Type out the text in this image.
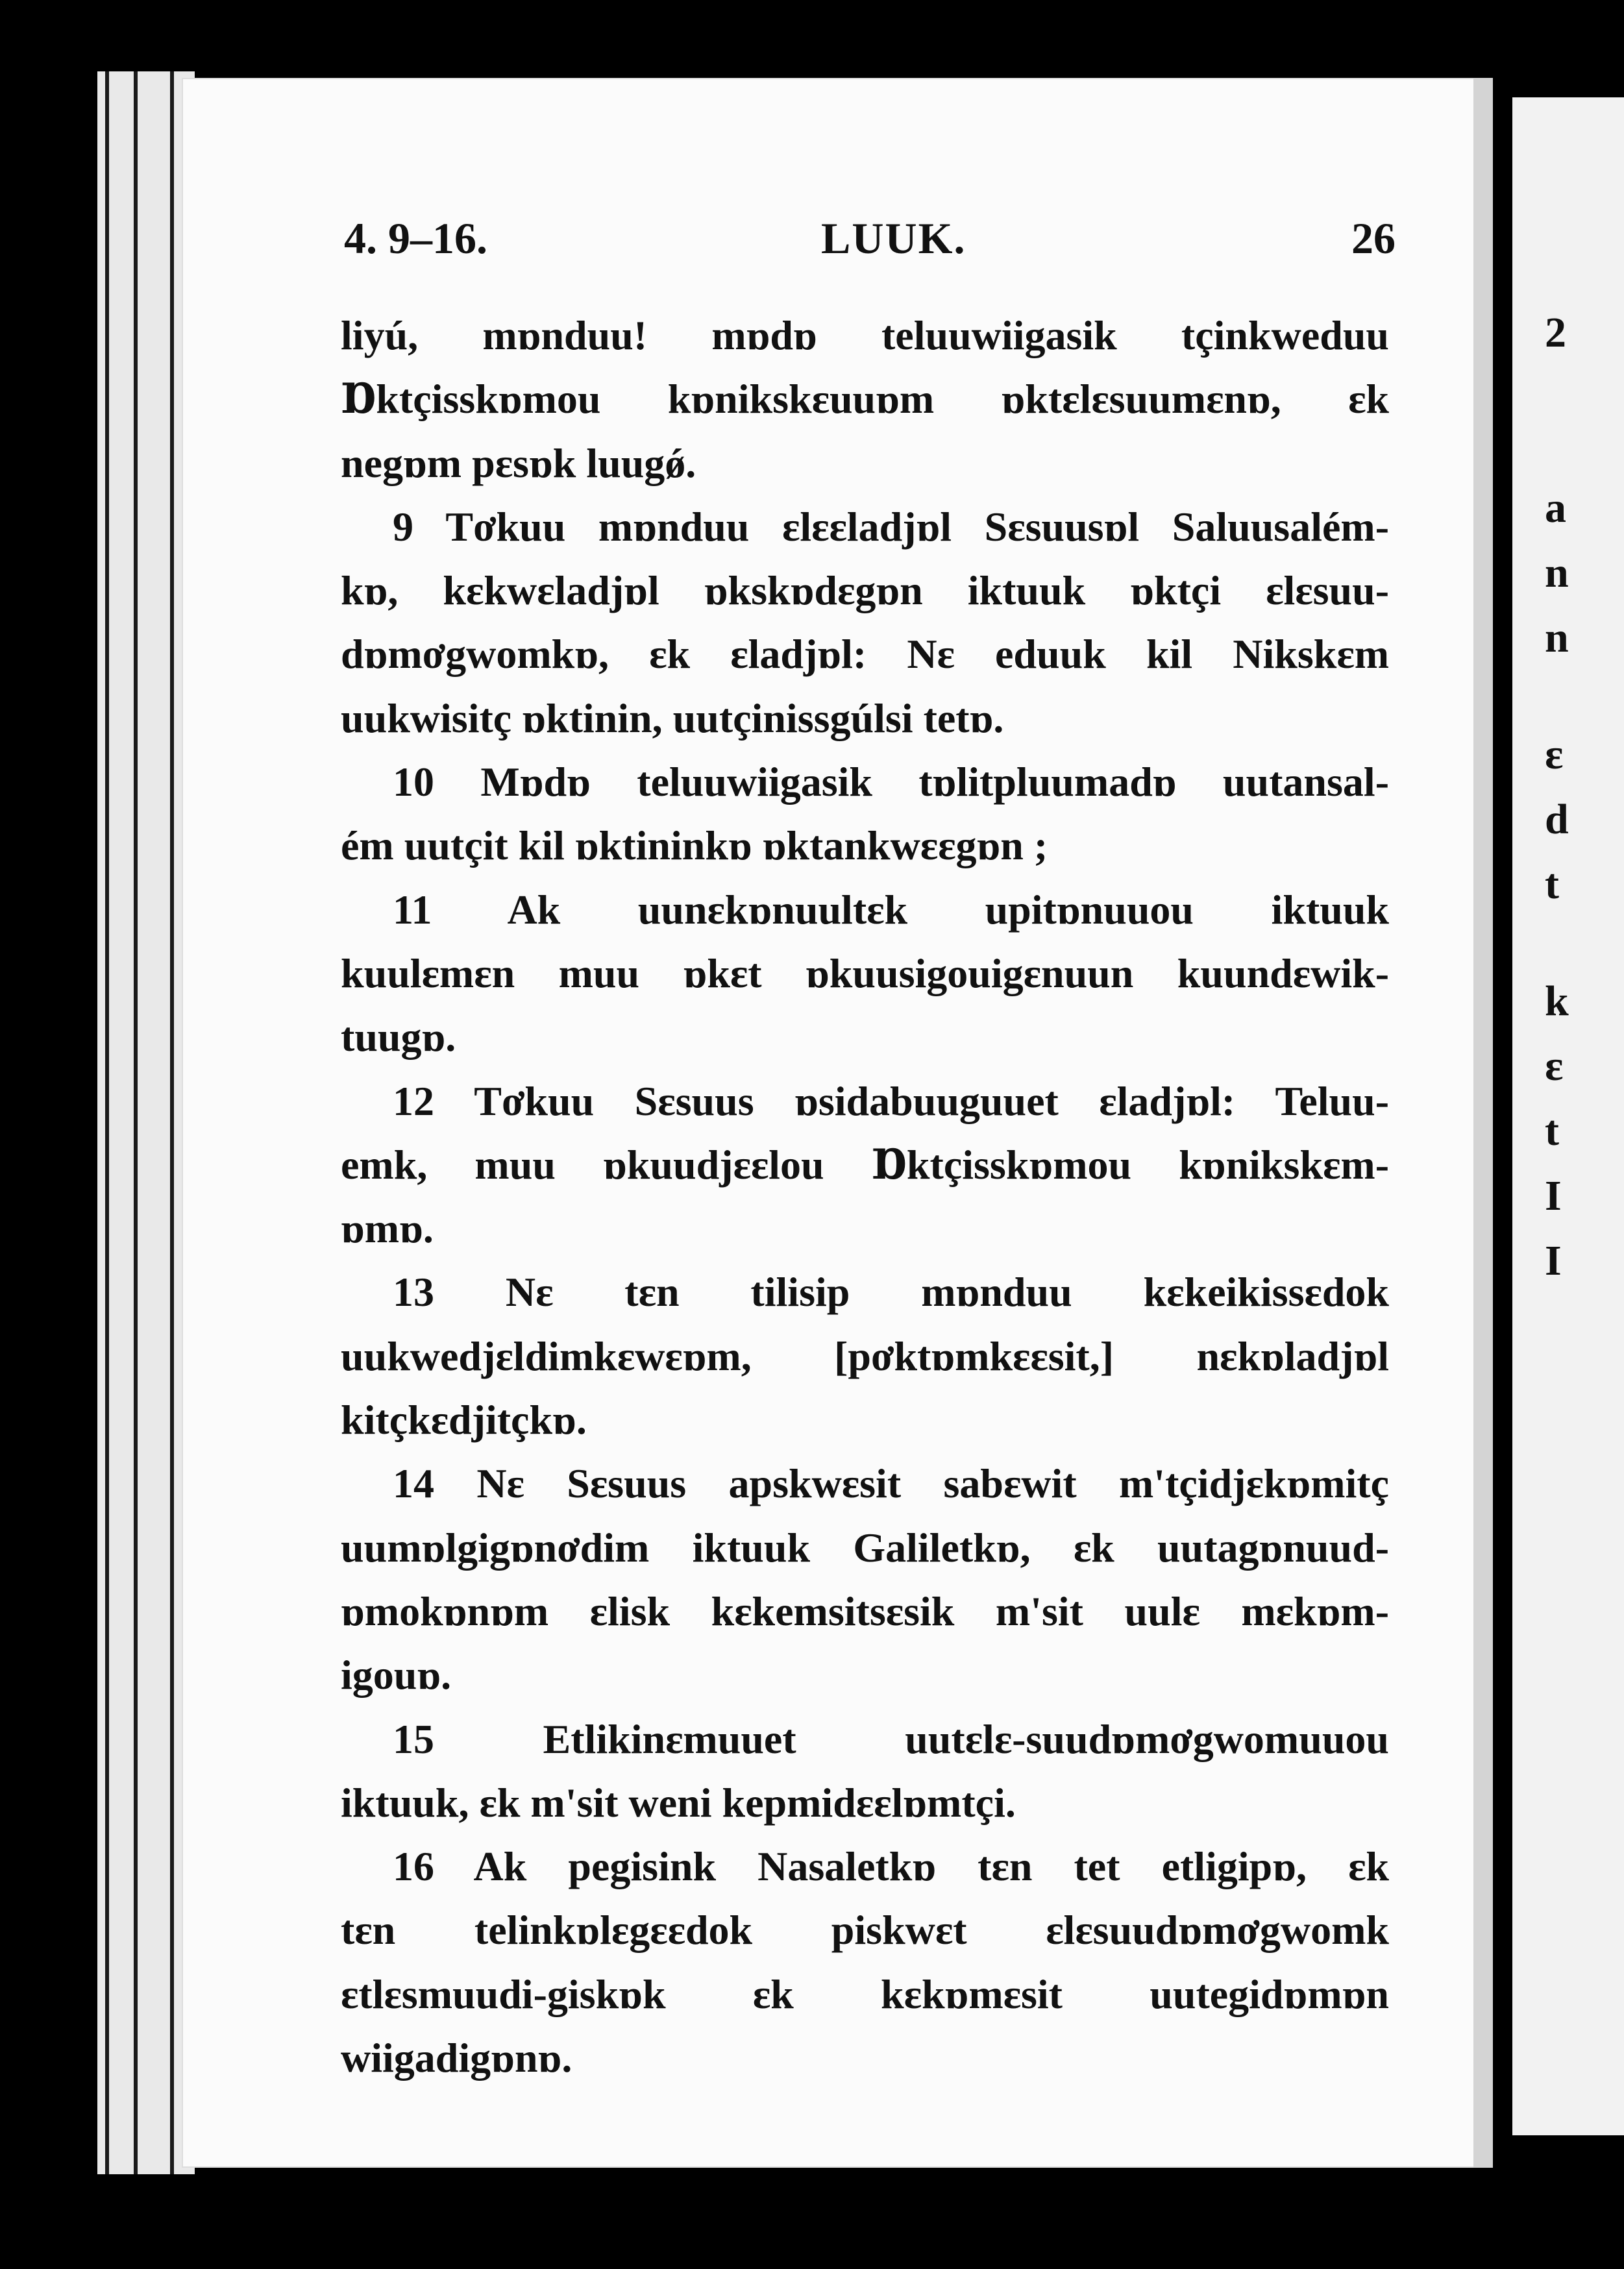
2
a
n
n
ɛ
d
t
k
ɛ
t
I
I
4. 9–16.	LUUK.	26
liyú, mɒnduu! mɒdɒ teluuwiigasik tçinkweduu
Ɒktçisskɒmou kɒnikskɛuuɒm ɒktɛlɛsuumɛnɒ, ɛk
negɒm pɛsɒk luugǿ.
9 Tơkuu mɒnduu ɛlɛɛladjɒl Sɛsuusɒl Saluusalém-
kɒ, kɛkwɛladjɒl ɒkskɒdɛgɒn iktuuk ɒktçi ɛlɛsuu-
dɒmơgwomkɒ, ɛk ɛladjɒl: Nɛ eduuk kil Nikskɛm
uukwisitç ɒktinin, uutçinissgúlsi tetɒ.
10 Mɒdɒ teluuwiigasik tɒlitpluumadɒ uutansal-
ém uutçit kil ɒktininkɒ ɒktankwɛɛgɒn ;
11 Ak uunɛkɒnuultɛk upitɒnuuou iktuuk
kuulɛmɛn muu ɒkɛt ɒkuusigouigɛnuun kuundɛwik-
tuugɒ.
12 Tơkuu Sɛsuus ɒsidabuuguuet ɛladjɒl: Teluu-
emk, muu ɒkuudjɛɛlou Ɒktçisskɒmou kɒnikskɛm-
ɒmɒ.
13 Nɛ tɛn tilisip mɒnduu kɛkeikissɛdok
uukwedjɛldimkɛwɛɒm, [pơktɒmkɛɛsit,] nɛkɒladjɒl
kitçkɛdjitçkɒ.
14 Nɛ Sɛsuus apskwɛsit sabɛwit m'tçidjɛkɒmitç
uumɒlgigɒnơdim iktuuk Galiletkɒ, ɛk uutagɒnuud-
ɒmokɒnɒm ɛlisk kɛkemsitsɛsik m'sit uulɛ mɛkɒm-
igouɒ.
15 Etlikinɛmuuet uutɛlɛ-suudɒmơgwomuuou
iktuuk, ɛk m'sit weni kepmidɛɛlɒmtçi.
16 Ak pegisink Nasaletkɒ tɛn tet etligipɒ, ɛk
tɛn telinkɒlɛgɛɛdok piskwɛt ɛlɛsuudɒmơgwomk
ɛtlɛsmuudi-giskɒk ɛk kɛkɒmɛsit uutegidɒmɒn
wiigadigɒnɒ.
